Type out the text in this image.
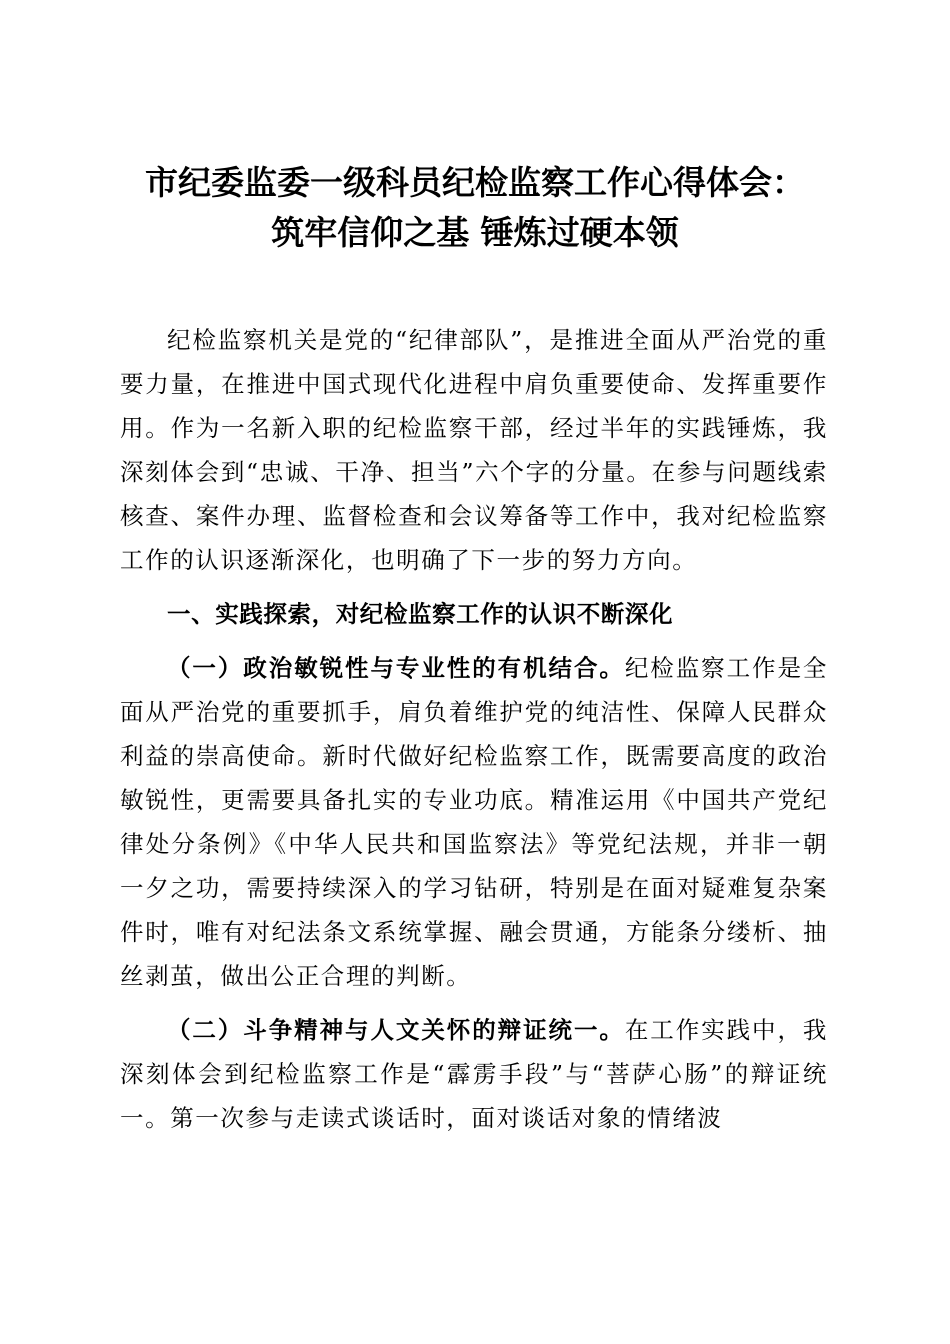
市纪委监委一级科员纪检监察工作心得体会：
筑牢信仰之基 锤炼过硬本领

纪检监察机关是党的“纪律部队”，是推进全面从严治党的重要力量，在推进中国式现代化进程中肩负重要使命、发挥重要作用。作为一名新入职的纪检监察干部，经过半年的实践锤炼，我深刻体会到“忠诚、干净、担当”六个字的分量。在参与问题线索核查、案件办理、监督检查和会议筹备等工作中，我对纪检监察工作的认识逐渐深化，也明确了下一步的努力方向。

一、实践探索，对纪检监察工作的认识不断深化

（一）政治敏锐性与专业性的有机结合。纪检监察工作是全面从严治党的重要抓手，肩负着维护党的纯洁性、保障人民群众利益的崇高使命。新时代做好纪检监察工作，既需要高度的政治敏锐性，更需要具备扎实的专业功底。精准运用《中国共产党纪律处分条例》《中华人民共和国监察法》等党纪法规，并非一朝一夕之功，需要持续深入的学习钻研，特别是在面对疑难复杂案件时，唯有对纪法条文系统掌握、融会贯通，方能条分缕析、抽丝剥茧，做出公正合理的判断。

（二）斗争精神与人文关怀的辩证统一。在工作实践中，我深刻体会到纪检监察工作是“霹雳手段”与“菩萨心肠”的辩证统一。第一次参与走读式谈话时，面对谈话对象的情绪波
